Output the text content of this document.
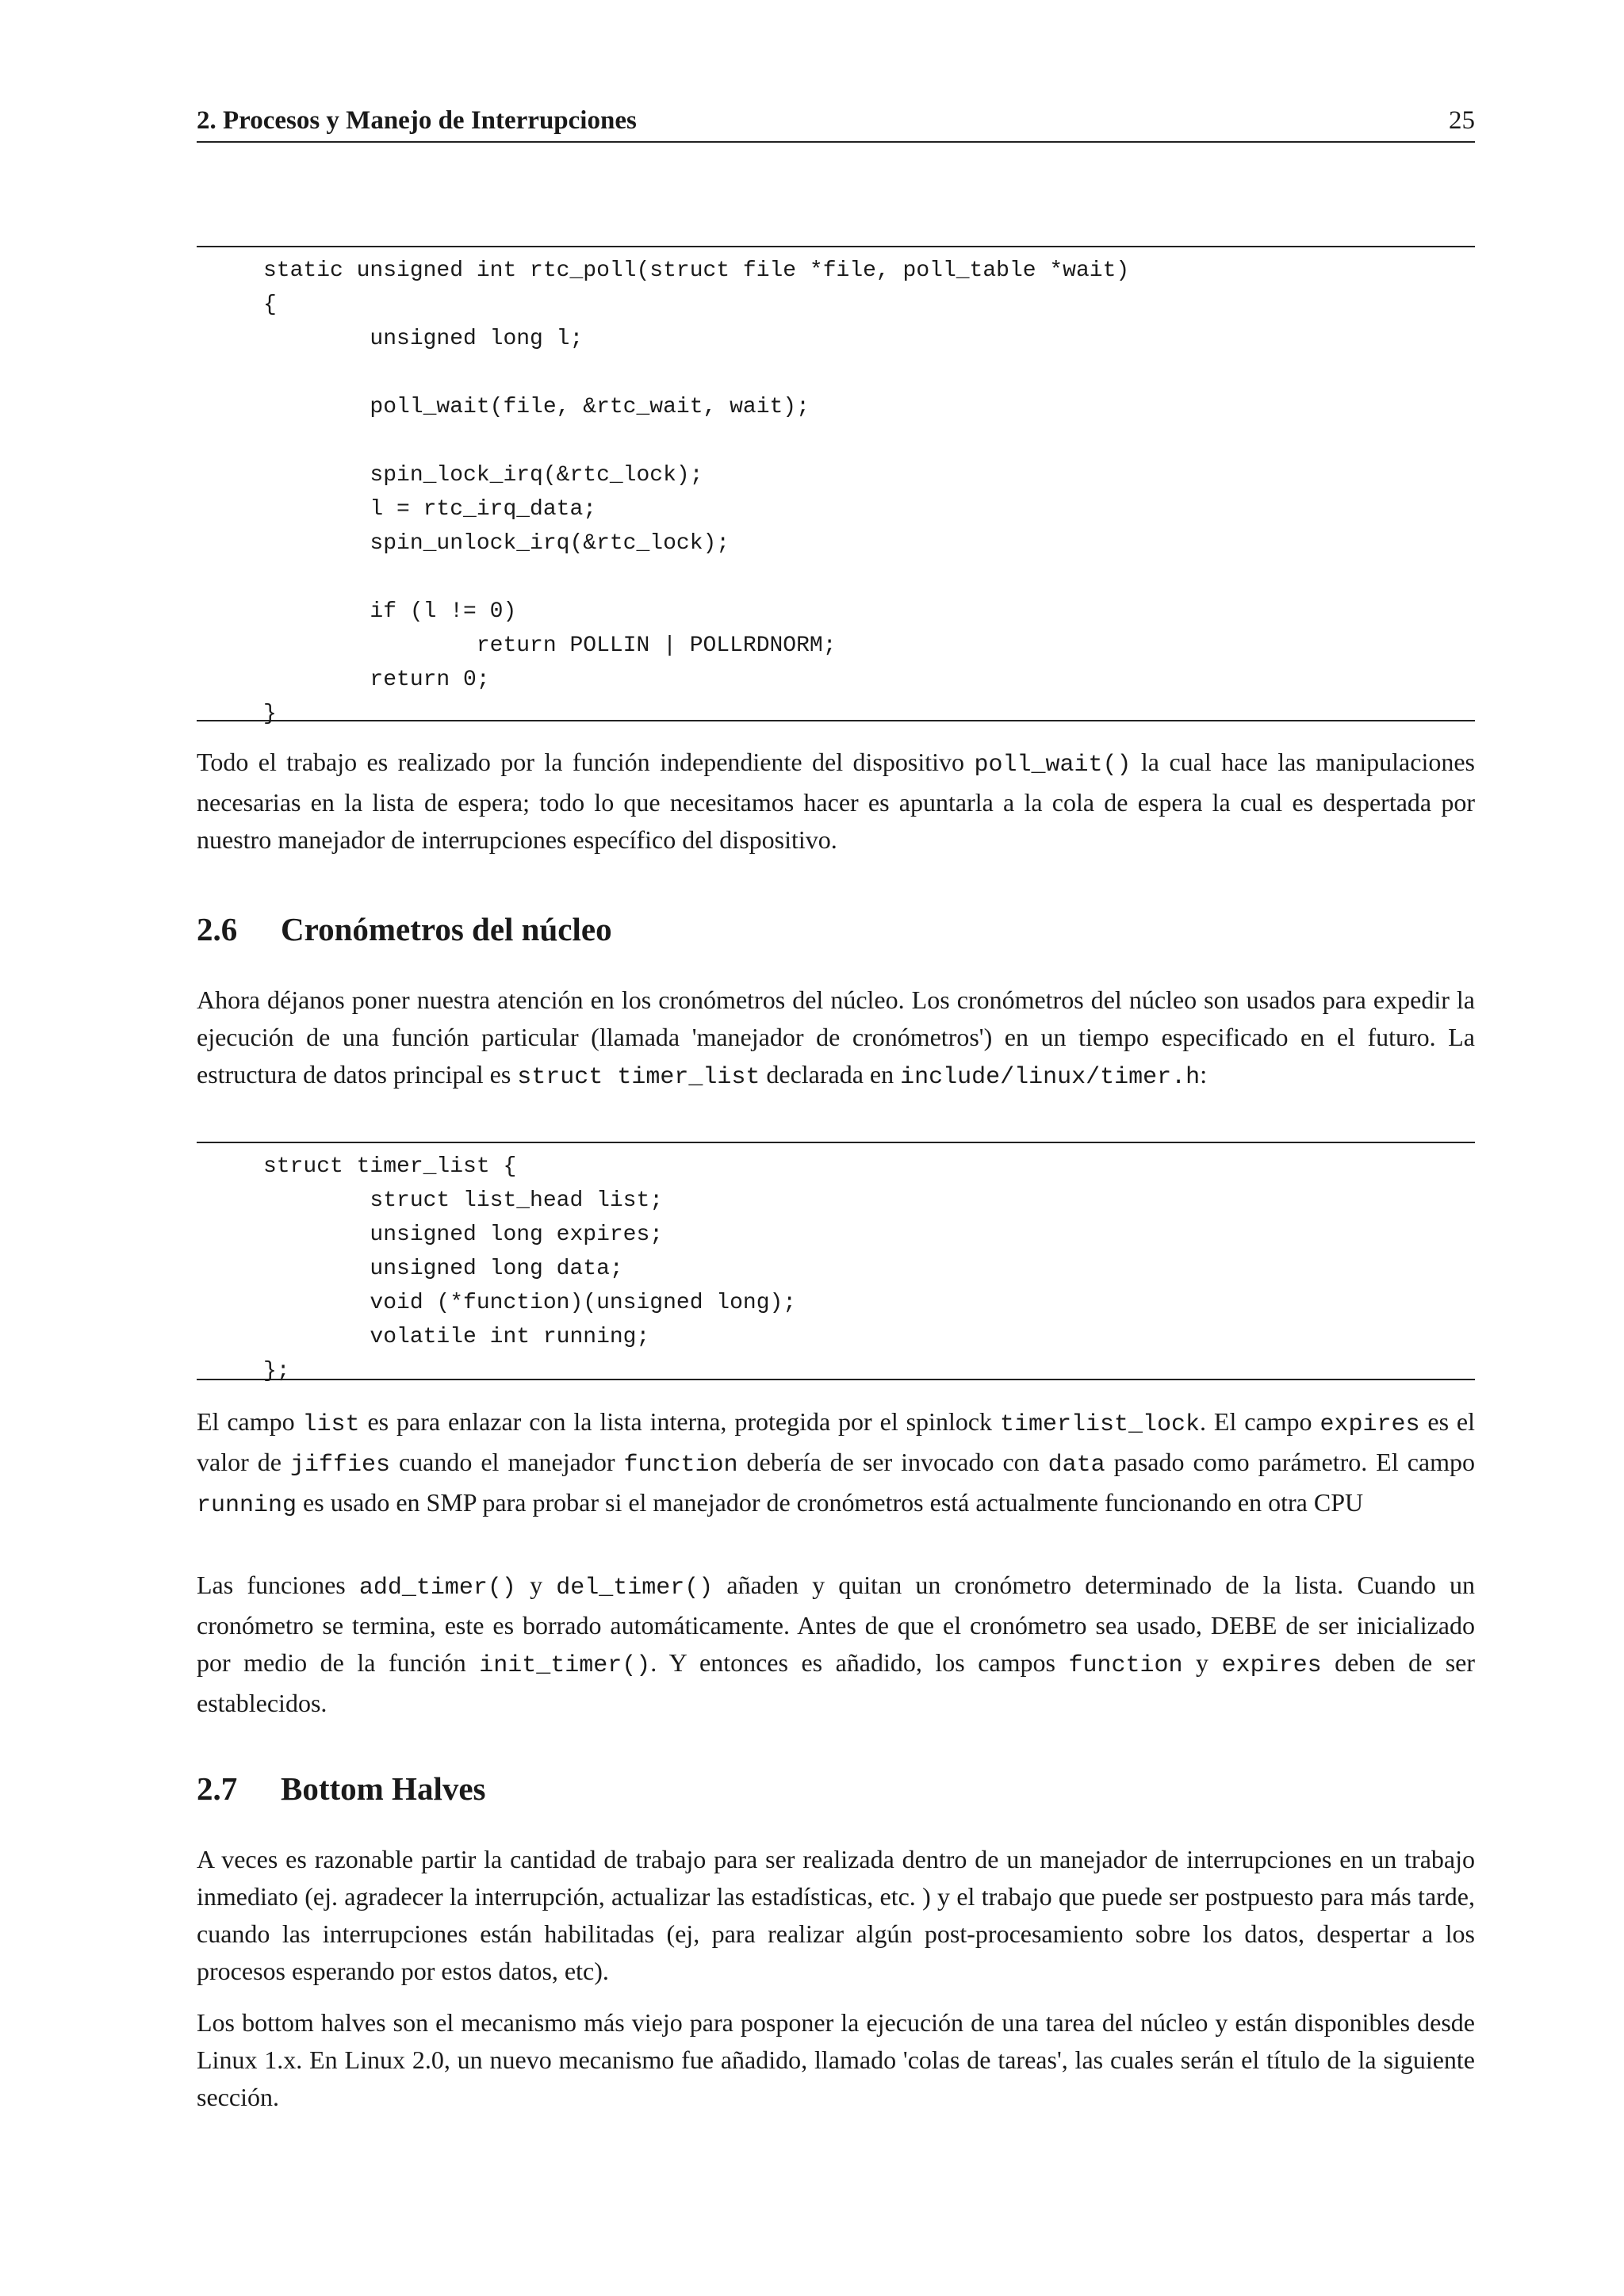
2. Procesos y Manejo de Interrupciones	25
static unsigned int rtc_poll(struct file *file, poll_table *wait)
{
unsigned long l;

poll_wait(file, &rtc_wait, wait);

spin_lock_irq(&rtc_lock);
l = rtc_irq_data;
spin_unlock_irq(&rtc_lock);

if (l != 0)
return POLLIN | POLLRDNORM;
return 0;
}

Todo el trabajo es realizado por la función independiente del dispositivo poll_wait() la cual hace las manipulaciones necesarias en la lista de espera; todo lo que necesitamos hacer es apuntarla a la cola de espera la cual es despertada por nuestro manejador de interrupciones específico del dispositivo.

2.6 Cronómetros del núcleo

Ahora déjanos poner nuestra atención en los cronómetros del núcleo. Los cronómetros del núcleo son usados para expedir la ejecución de una función particular (llamada 'manejador de cronómetros') en un tiempo especificado en el futuro. La estructura de datos principal es struct timer_list declarada en include/linux/timer.h:

struct timer_list {
struct list_head list;
unsigned long expires;
unsigned long data;
void (*function)(unsigned long);
volatile int running;
};

El campo list es para enlazar con la lista interna, protegida por el spinlock timerlist_lock. El campo expires es el valor de jiffies cuando el manejador function debería de ser invocado con data pasado como parámetro. El campo running es usado en SMP para probar si el manejador de cronómetros está actualmente funcionando en otra CPU

Las funciones add_timer() y del_timer() añaden y quitan un cronómetro determinado de la lista. Cuando un cronómetro se termina, este es borrado automáticamente. Antes de que el cronómetro sea usado, DEBE de ser inicializado por medio de la función init_timer(). Y entonces es añadido, los campos function y expires deben de ser establecidos.

2.7 Bottom Halves

A veces es razonable partir la cantidad de trabajo para ser realizada dentro de un manejador de interrupciones en un trabajo inmediato (ej. agradecer la interrupción, actualizar las estadísticas, etc. ) y el trabajo que puede ser postpuesto para más tarde, cuando las interrupciones están habilitadas (ej, para realizar algún post-procesamiento sobre los datos, despertar a los procesos esperando por estos datos, etc).

Los bottom halves son el mecanismo más viejo para posponer la ejecución de una tarea del núcleo y están disponibles desde Linux 1.x. En Linux 2.0, un nuevo mecanismo fue añadido, llamado 'colas de tareas', las cuales serán el título de la siguiente sección.
